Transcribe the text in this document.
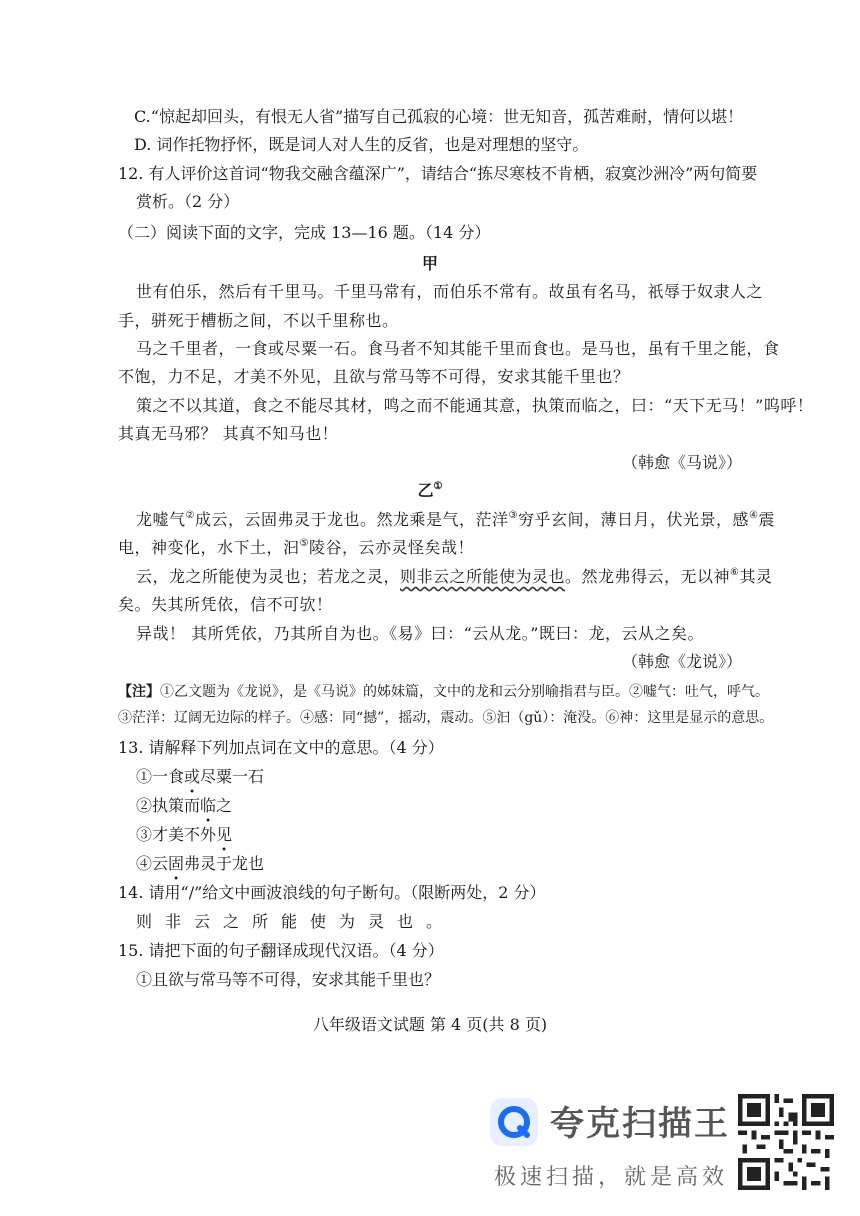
C.“惊起却回头，有恨无人省”描写自己孤寂的心境：世无知音，孤苦难耐，情何以堪！
D. 词作托物抒怀，既是词人对人生的反省，也是对理想的坚守。
12. 有人评价这首词“物我交融含蕴深广”，请结合“拣尽寒枝不肯栖，寂寞沙洲冷”两句简要
赏析。（2 分）
（二）阅读下面的文字，完成 13—16 题。（14 分）
甲
世有伯乐，然后有千里马。千里马常有，而伯乐不常有。故虽有名马，祇辱于奴隶人之
手，骈死于槽枥之间，不以千里称也。
马之千里者，一食或尽粟一石。食马者不知其能千里而食也。是马也，虽有千里之能，食
不饱，力不足，才美不外见，且欲与常马等不可得，安求其能千里也？
策之不以其道，食之不能尽其材，鸣之而不能通其意，执策而临之，曰：“天下无马！”呜呼！
其真无马邪？ 其真不知马也！
（韩愈《马说》）
乙①
龙嘘气②成云，云固弗灵于龙也。然龙乘是气，茫洋③穷乎玄间，薄日月，伏光景，感④震
电，神变化，水下土，汩⑤陵谷，云亦灵怪矣哉！
云，龙之所能使为灵也；若龙之灵，则非云之所能使为灵也。然龙弗得云，无以神⑥其灵
矣。失其所凭依，信不可欤！
异哉！ 其所凭依，乃其所自为也。《易》曰：“云从龙。”既曰：龙，云从之矣。
（韩愈《龙说》）
【注】①乙文题为《龙说》，是《马说》的姊妹篇，文中的龙和云分别喻指君与臣。②嘘气：吐气，呼气。
③茫洋：辽阔无边际的样子。④感：同“撼”，摇动，震动。⑤汩（gǔ）：淹没。⑥神：这里是显示的意思。
13. 请解释下列加点词在文中的意思。（4 分）
①一食或尽粟一石
②执策而临之
③才美不外见
④云固弗灵于龙也
14. 请用“/”给文中画波浪线的句子断句。（限断两处，2 分）
则非云之所能使为灵也。
15. 请把下面的句子翻译成现代汉语。（4 分）
①且欲与常马等不可得，安求其能千里也？
八年级语文试题 第 4 页(共 8 页)
夸克扫描王
极速扫描，就是高效
